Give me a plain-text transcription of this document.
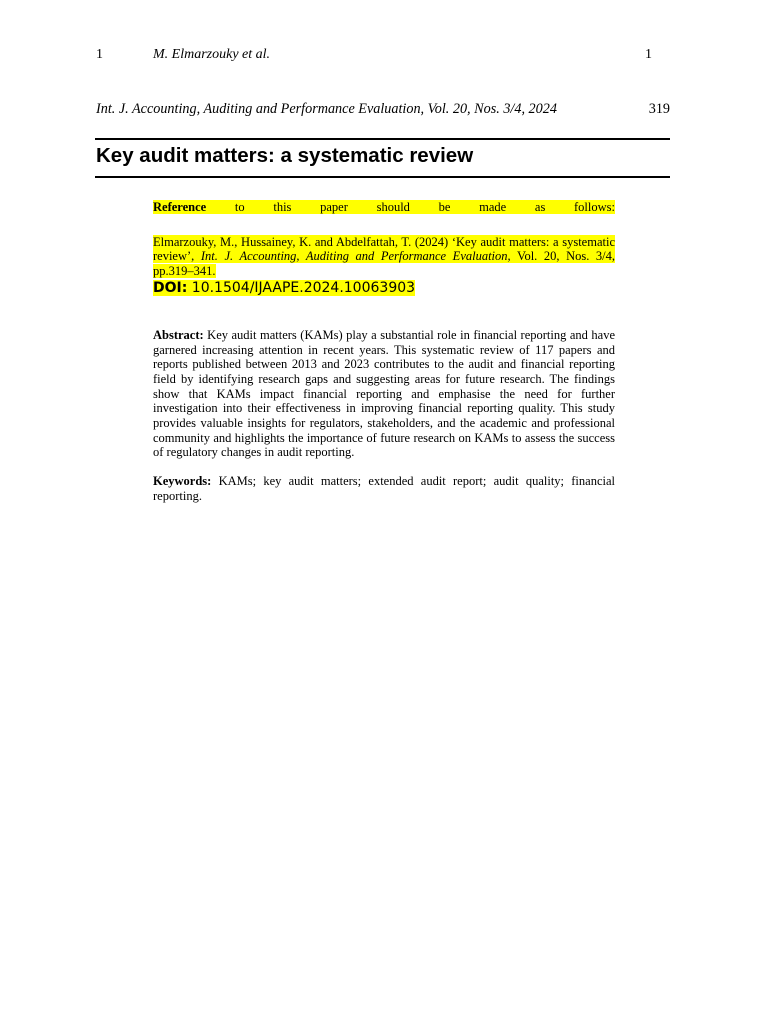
1	M. Elmarzouky et al.	1
Int. J. Accounting, Auditing and Performance Evaluation, Vol. 20, Nos. 3/4, 2024	319
Key audit matters: a systematic review
Reference to this paper should be made as follows:
Elmarzouky, M., Hussainey, K. and Abdelfattah, T. (2024) ‘Key audit matters: a systematic review’, Int. J. Accounting, Auditing and Performance Evaluation, Vol. 20, Nos. 3/4, pp.319–341.
DOI: 10.1504/IJAAPE.2024.10063903
Abstract: Key audit matters (KAMs) play a substantial role in financial reporting and have garnered increasing attention in recent years. This systematic review of 117 papers and reports published between 2013 and 2023 contributes to the audit and financial reporting field by identifying research gaps and suggesting areas for future research. The findings show that KAMs impact financial reporting and emphasise the need for further investigation into their effectiveness in improving financial reporting quality. This study provides valuable insights for regulators, stakeholders, and the academic and professional community and highlights the importance of future research on KAMs to assess the success of regulatory changes in audit reporting.
Keywords: KAMs; key audit matters; extended audit report; audit quality; financial reporting.
